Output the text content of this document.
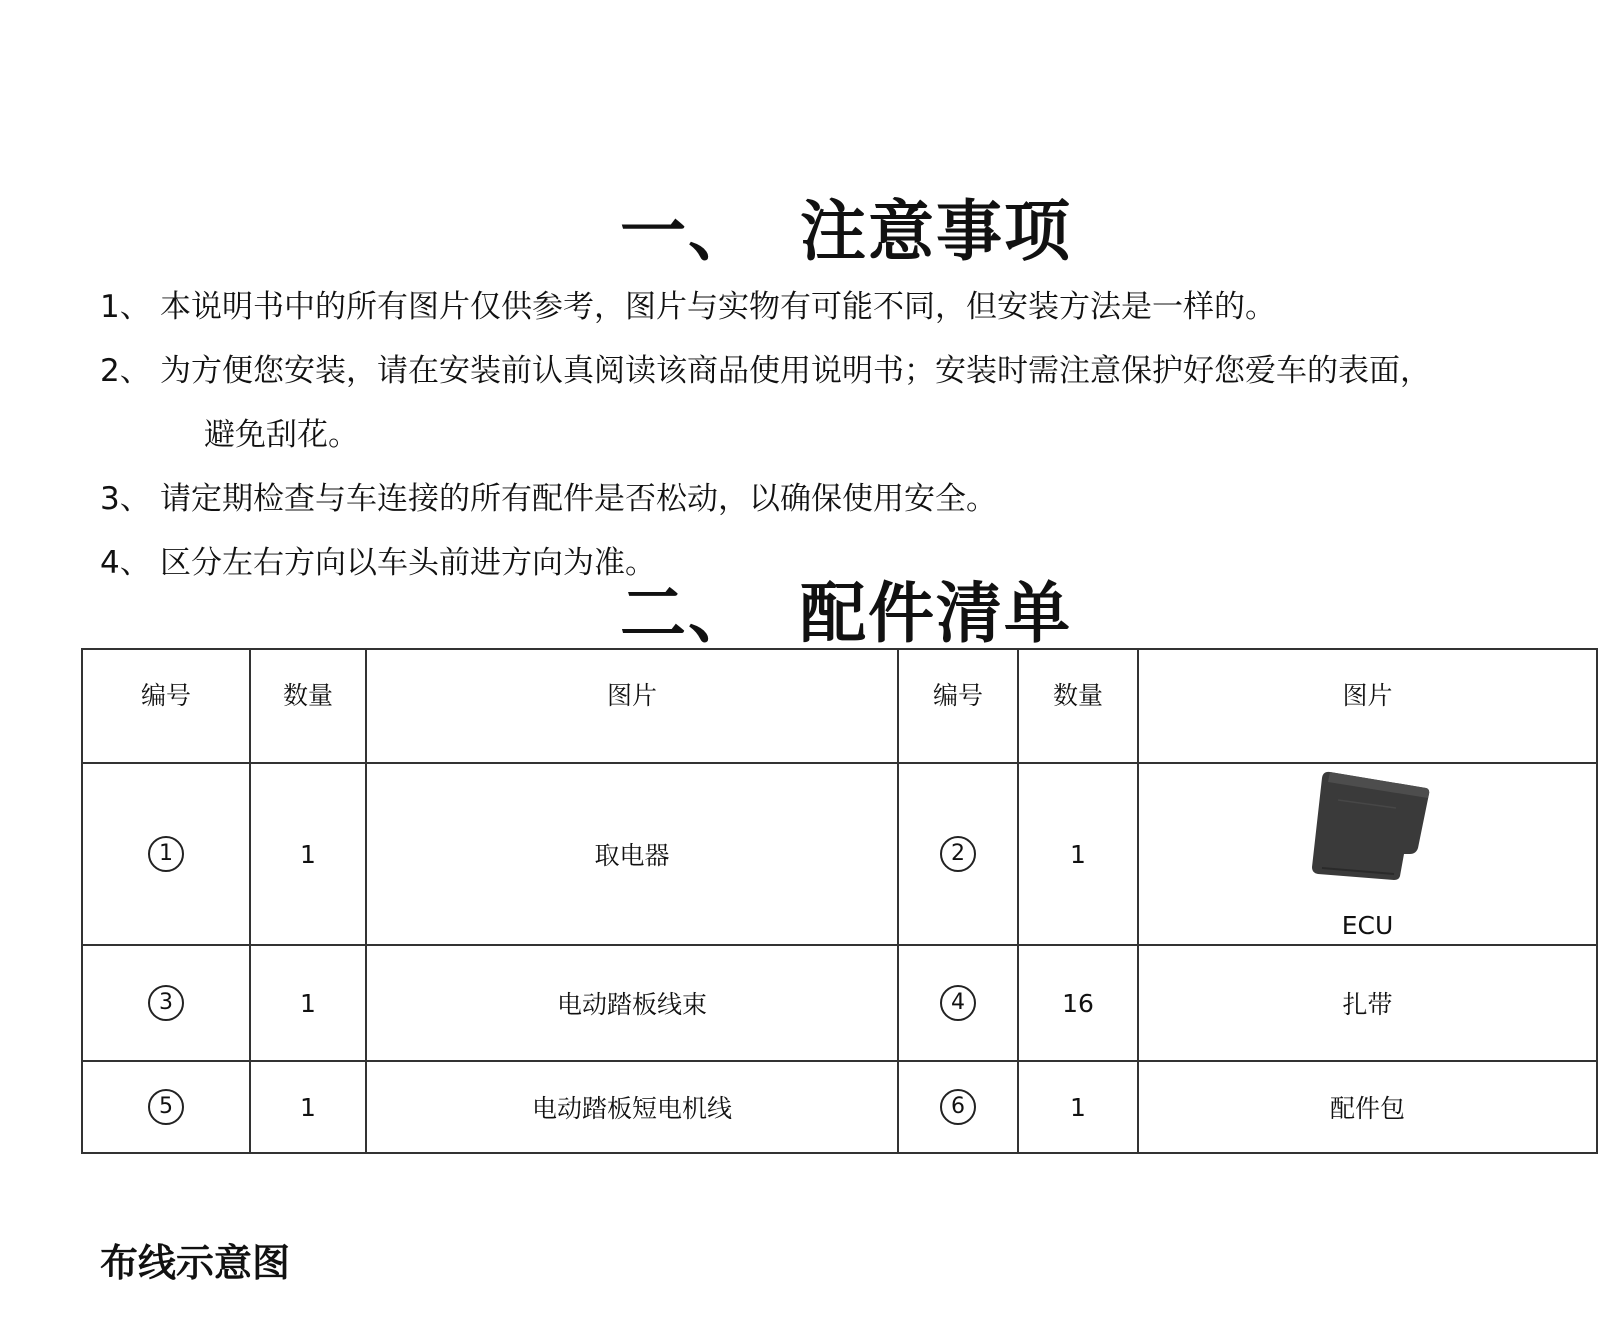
一、 注意事项
1、 本说明书中的所有图片仅供参考，图片与实物有可能不同，但安装方法是一样的。
2、 为方便您安装，请在安装前认真阅读该商品使用说明书；安装时需注意保护好您爱车的表面，
避免刮花。
3、 请定期检查与车连接的所有配件是否松动，以确保使用安全。
4、 区分左右方向以车头前进方向为准。
二、 配件清单
编号	数量	图片	编号	数量	图片
1	1	取电器	2	1	ECU

3	1	电动踏板线束	4	16	扎带
5	1	电动踏板短电机线	6	1	配件包
布线示意图
